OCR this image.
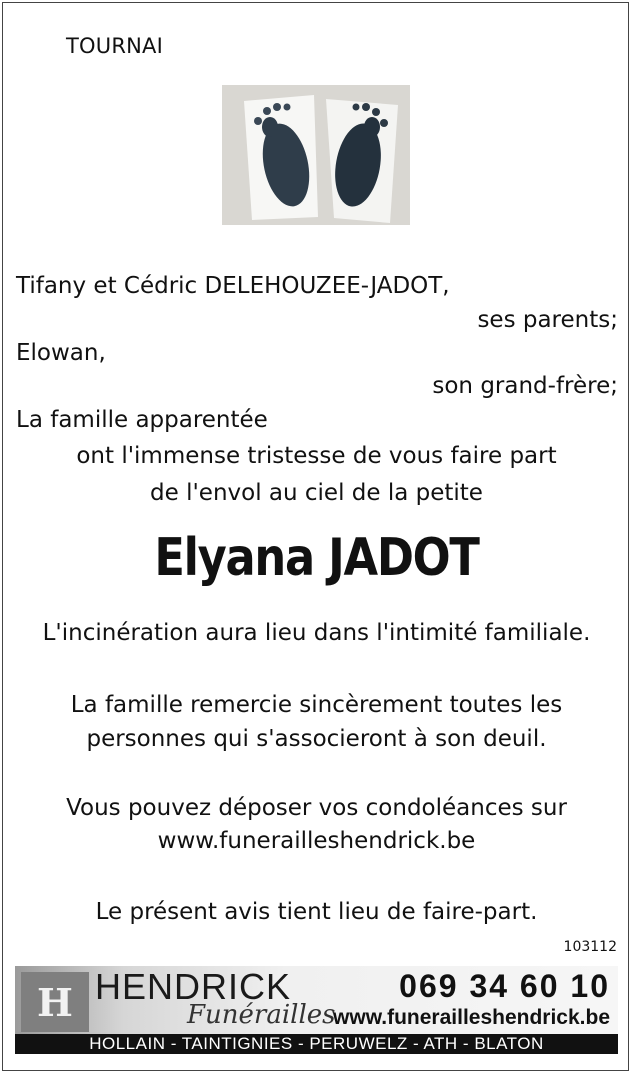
TOURNAI
Tifany et Cédric DELEHOUZEE-JADOT,
ses parents;
Elowan,
son grand-frère;
La famille apparentée
ont l'immense tristesse de vous faire part
de l'envol au ciel de la petite
Elyana JADOT
L'incinération aura lieu dans l'intimité familiale.
La famille remercie sincèrement toutes les
personnes qui s'associeront à son deuil.
Vous pouvez déposer vos condoléances sur
www.funerailleshendrick.be
Le présent avis tient lieu de faire-part.
103112
H HENDRICK
Funérailles
069 34 60 10
www.funerailleshendrick.be
HOLLAIN - TAINTIGNIES - PERUWELZ - ATH - BLATON
